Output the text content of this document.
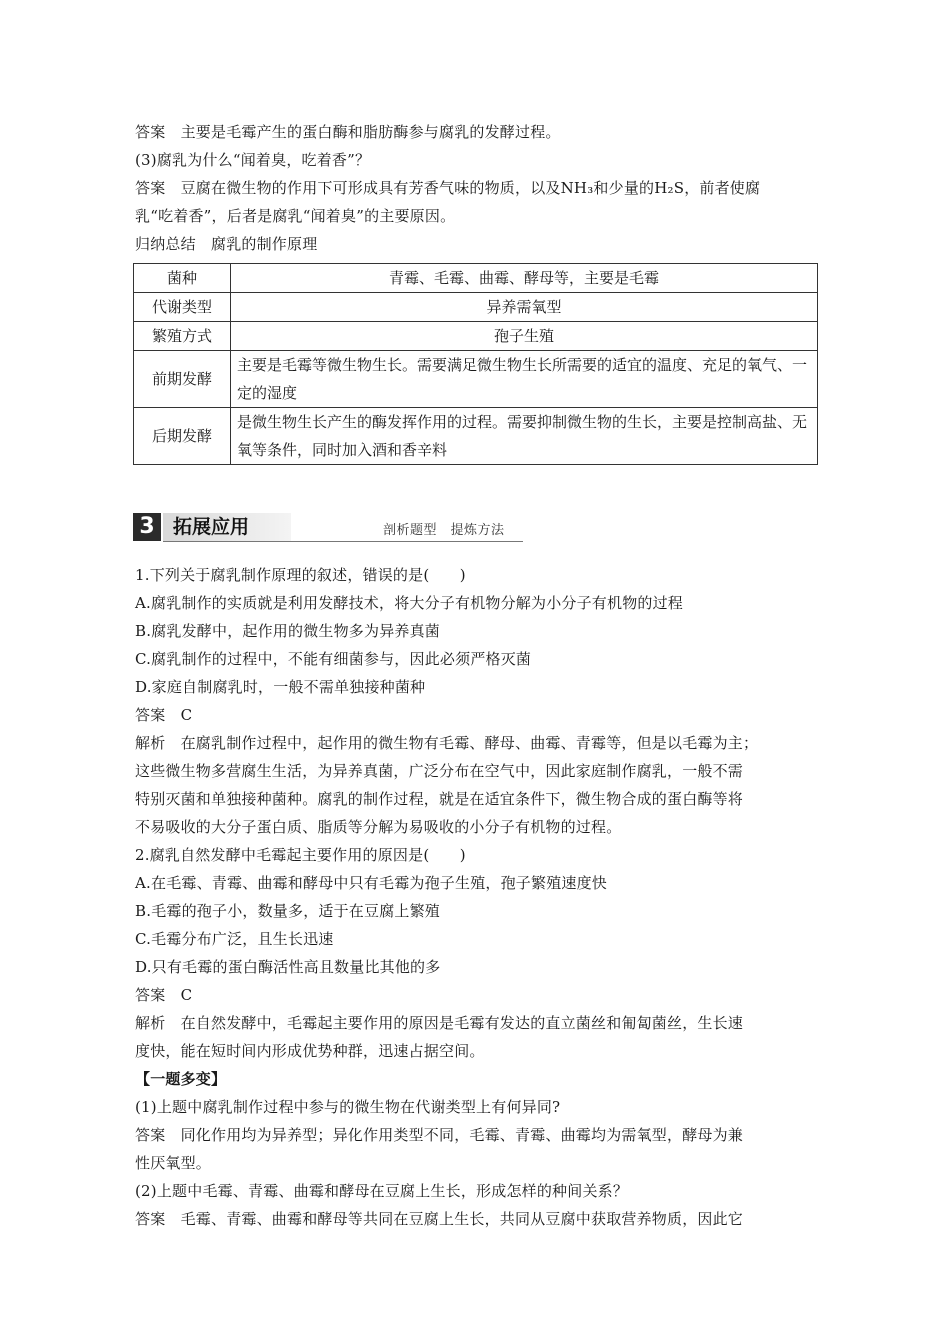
答案　主要是毛霉产生的蛋白酶和脂肪酶参与腐乳的发酵过程。
(3)腐乳为什么“闻着臭，吃着香”？
答案　豆腐在微生物的作用下可形成具有芳香气味的物质，以及NH₃和少量的H₂S，前者使腐
乳“吃着香”，后者是腐乳“闻着臭”的主要原因。
归纳总结　腐乳的制作原理
菌种	青霉、毛霉、曲霉、酵母等，主要是毛霉
代谢类型	异养需氧型
繁殖方式	孢子生殖
前期发酵	主要是毛霉等微生物生长。需要满足微生物生长所需要的适宜的温度、充足的氧气、一定的湿度
后期发酵	是微生物生长产生的酶发挥作用的过程。需要抑制微生物的生长，主要是控制高盐、无氧等条件，同时加入酒和香辛料
3 拓展应用	剖析题型　提炼方法
1.下列关于腐乳制作原理的叙述，错误的是(　　)
A.腐乳制作的实质就是利用发酵技术，将大分子有机物分解为小分子有机物的过程
B.腐乳发酵中，起作用的微生物多为异养真菌
C.腐乳制作的过程中，不能有细菌参与，因此必须严格灭菌
D.家庭自制腐乳时，一般不需单独接种菌种
答案　C
解析　在腐乳制作过程中，起作用的微生物有毛霉、酵母、曲霉、青霉等，但是以毛霉为主；
这些微生物多营腐生生活，为异养真菌，广泛分布在空气中，因此家庭制作腐乳，一般不需
特别灭菌和单独接种菌种。腐乳的制作过程，就是在适宜条件下，微生物合成的蛋白酶等将
不易吸收的大分子蛋白质、脂质等分解为易吸收的小分子有机物的过程。
2.腐乳自然发酵中毛霉起主要作用的原因是(　　)
A.在毛霉、青霉、曲霉和酵母中只有毛霉为孢子生殖，孢子繁殖速度快
B.毛霉的孢子小，数量多，适于在豆腐上繁殖
C.毛霉分布广泛，且生长迅速
D.只有毛霉的蛋白酶活性高且数量比其他的多
答案　C
解析　在自然发酵中，毛霉起主要作用的原因是毛霉有发达的直立菌丝和匍匐菌丝，生长速
度快，能在短时间内形成优势种群，迅速占据空间。
【一题多变】
(1)上题中腐乳制作过程中参与的微生物在代谢类型上有何异同?
答案　同化作用均为异养型；异化作用类型不同，毛霉、青霉、曲霉均为需氧型，酵母为兼
性厌氧型。
(2)上题中毛霉、青霉、曲霉和酵母在豆腐上生长，形成怎样的种间关系？
答案　毛霉、青霉、曲霉和酵母等共同在豆腐上生长，共同从豆腐中获取营养物质，因此它
